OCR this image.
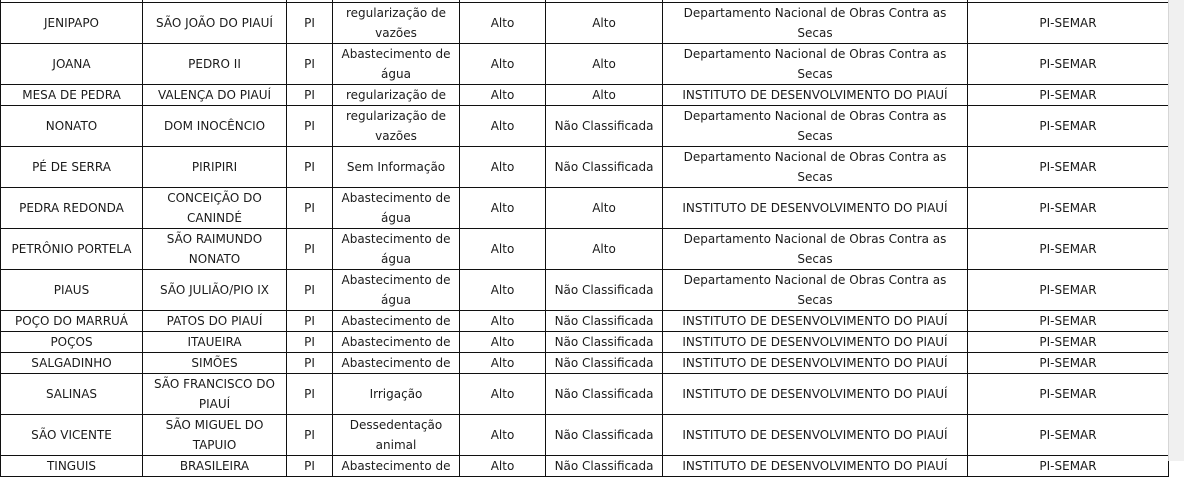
JENIPAPO	SÃO JOÃO DO PIAUÍ	PI	regularização de vazões	Alto	Alto	Departamento Nacional de Obras Contra as Secas	PI-SEMAR
JOANA	PEDRO II	PI	Abastecimento de água	Alto	Alto	Departamento Nacional de Obras Contra as Secas	PI-SEMAR
MESA DE PEDRA	VALENÇA DO PIAUÍ	PI	regularização de	Alto	Alto	INSTITUTO DE DESENVOLVIMENTO DO PIAUÍ	PI-SEMAR
NONATO	DOM INOCÊNCIO	PI	regularização de vazões	Alto	Não Classificada	Departamento Nacional de Obras Contra as Secas	PI-SEMAR
PÉ DE SERRA	PIRIPIRI	PI	Sem Informação	Alto	Não Classificada	Departamento Nacional de Obras Contra as Secas	PI-SEMAR
PEDRA REDONDA	CONCEIÇÃO DO CANINDÉ	PI	Abastecimento de água	Alto	Alto	INSTITUTO DE DESENVOLVIMENTO DO PIAUÍ	PI-SEMAR
PETRÔNIO PORTELA	SÃO RAIMUNDO NONATO	PI	Abastecimento de água	Alto	Alto	Departamento Nacional de Obras Contra as Secas	PI-SEMAR
PIAUS	SÃO JULIÃO/PIO IX	PI	Abastecimento de água	Alto	Não Classificada	Departamento Nacional de Obras Contra as Secas	PI-SEMAR
POÇO DO MARRUÁ	PATOS DO PIAUÍ	PI	Abastecimento de	Alto	Não Classificada	INSTITUTO DE DESENVOLVIMENTO DO PIAUÍ	PI-SEMAR
POÇOS	ITAUEIRA	PI	Abastecimento de	Alto	Não Classificada	INSTITUTO DE DESENVOLVIMENTO DO PIAUÍ	PI-SEMAR
SALGADINHO	SIMÕES	PI	Abastecimento de	Alto	Não Classificada	INSTITUTO DE DESENVOLVIMENTO DO PIAUÍ	PI-SEMAR
SALINAS	SÃO FRANCISCO DO PIAUÍ	PI	Irrigação	Alto	Não Classificada	INSTITUTO DE DESENVOLVIMENTO DO PIAUÍ	PI-SEMAR
SÃO VICENTE	SÃO MIGUEL DO TAPUIO	PI	Dessedentação animal	Alto	Não Classificada	INSTITUTO DE DESENVOLVIMENTO DO PIAUÍ	PI-SEMAR
TINGUIS	BRASILEIRA	PI	Abastecimento de	Alto	Não Classificada	INSTITUTO DE DESENVOLVIMENTO DO PIAUÍ	PI-SEMAR
